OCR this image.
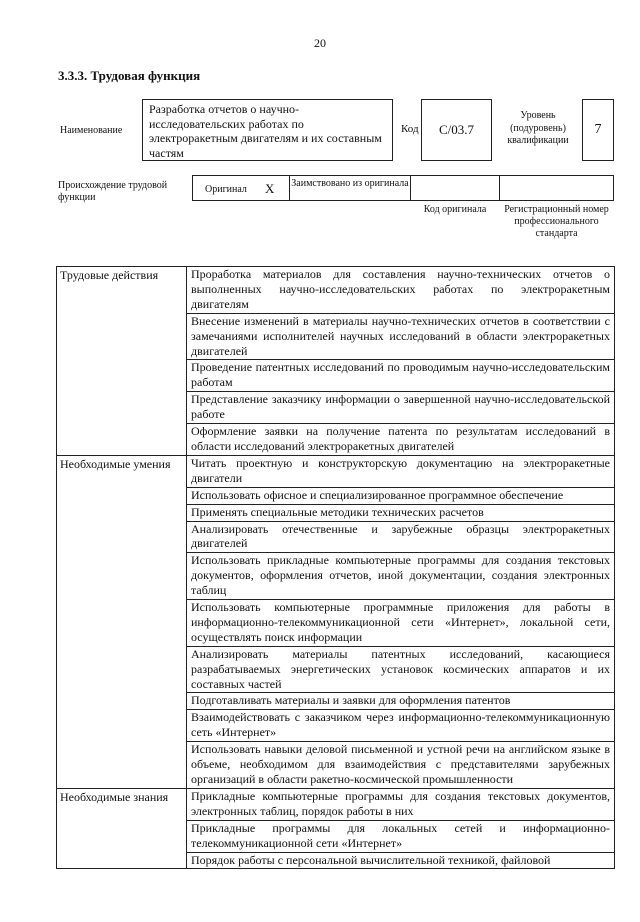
20
3.3.3. Трудовая функция
Наименование
Разработка отчетов о научно-исследовательских работах по электроракетным двигателям и их составным частям
Код C/03.7
Уровень (подуровень) квалификации
7
Происхождение трудовой функции
Оригинал X Заимствовано из оригинала
Код оригинала	Регистрационный номер профессионального стандарта
Трудовые действия	Проработка материалов для составления научно-технических отчетов о выполненных научно-исследовательских работах по электроракетным двигателям
	Внесение изменений в материалы научно-технических отчетов в соответствии с замечаниями исполнителей научных исследований в области электроракетных двигателей
	Проведение патентных исследований по проводимым научно-исследовательским работам
	Представление заказчику информации о завершенной научно-исследовательской работе
	Оформление заявки на получение патента по результатам исследований в области исследований электроракетных двигателей
Необходимые умения	Читать проектную и конструкторскую документацию на электроракетные двигатели
	Использовать офисное и специализированное программное обеспечение
	Применять специальные методики технических расчетов
	Анализировать отечественные и зарубежные образцы электроракетных двигателей
	Использовать прикладные компьютерные программы для создания текстовых документов, оформления отчетов, иной документации, создания электронных таблиц
	Использовать компьютерные программные приложения для работы в информационно-телекоммуникационной сети «Интернет», локальной сети, осуществлять поиск информации
	Анализировать материалы патентных исследований, касающиеся разрабатываемых энергетических установок космических аппаратов и их составных частей
	Подготавливать материалы и заявки для оформления патентов
	Взаимодействовать с заказчиком через информационно-телекоммуникационную сеть «Интернет»
	Использовать навыки деловой письменной и устной речи на английском языке в объеме, необходимом для взаимодействия с представителями зарубежных организаций в области ракетно-космической промышленности
Необходимые знания	Прикладные компьютерные программы для создания текстовых документов, электронных таблиц, порядок работы в них
	Прикладные программы для локальных сетей и информационно-телекоммуникационной сети «Интернет»
	Порядок работы с персональной вычислительной техникой, файловой
